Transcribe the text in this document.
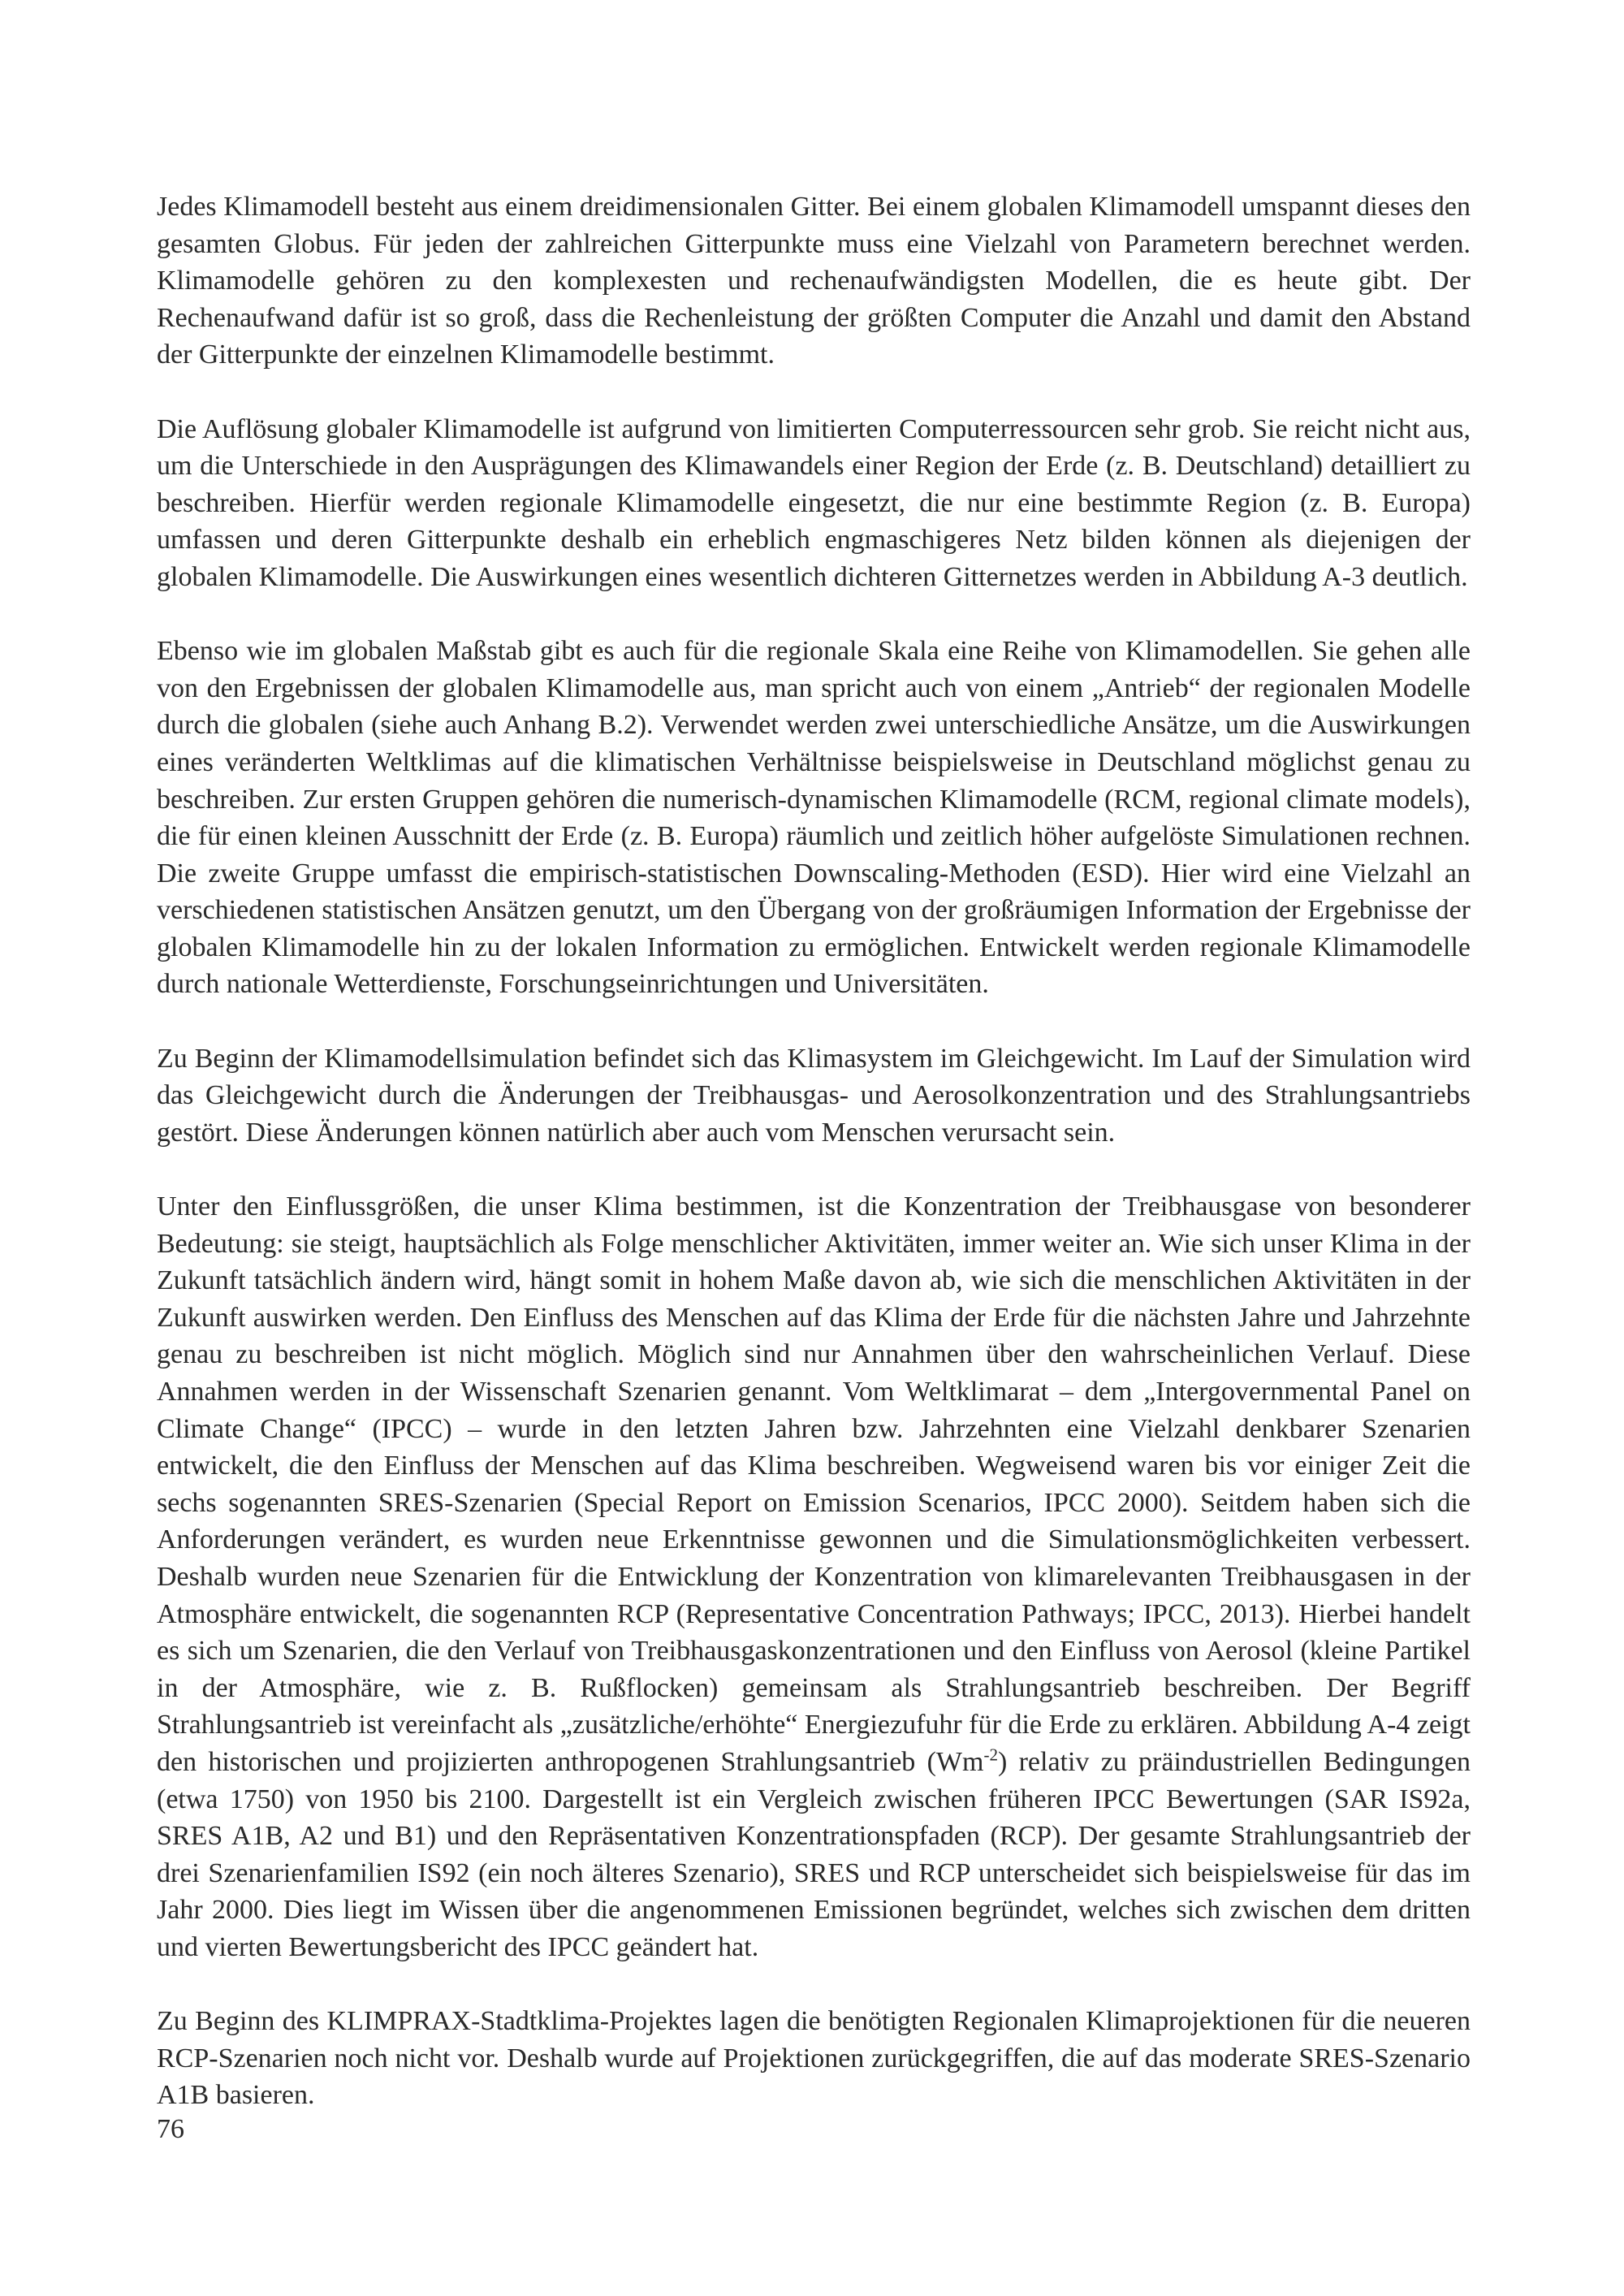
Jedes Klimamodell besteht aus einem dreidimensionalen Gitter. Bei einem globalen Klimamodell umspannt dieses den gesamten Globus. Für jeden der zahlreichen Gitterpunkte muss eine Vielzahl von Parametern berechnet werden. Klimamodelle gehören zu den komplexesten und rechenaufwändigsten Modellen, die es heute gibt. Der Rechenaufwand dafür ist so groß, dass die Rechenleistung der größten Computer die Anzahl und damit den Abstand der Gitterpunkte der einzelnen Klimamodelle bestimmt.

Die Auflösung globaler Klimamodelle ist aufgrund von limitierten Computerressourcen sehr grob. Sie reicht nicht aus, um die Unterschiede in den Ausprägungen des Klimawandels einer Region der Erde (z. B. Deutschland) detailliert zu beschreiben. Hierfür werden regionale Klimamodelle eingesetzt, die nur eine bestimmte Region (z. B. Europa) umfassen und deren Gitterpunkte deshalb ein erheblich engmaschigeres Netz bilden können als diejenigen der globalen Klimamodelle. Die Auswirkungen eines wesentlich dichteren Gitternetzes werden in Abbildung A-3 deutlich.

Ebenso wie im globalen Maßstab gibt es auch für die regionale Skala eine Reihe von Klimamodellen. Sie gehen alle von den Ergebnissen der globalen Klimamodelle aus, man spricht auch von einem „Antrieb“ der regionalen Modelle durch die globalen (siehe auch Anhang B.2). Verwendet werden zwei unterschiedliche Ansätze, um die Auswirkungen eines veränderten Weltklimas auf die klimatischen Verhältnisse beispielsweise in Deutschland möglichst genau zu beschreiben. Zur ersten Gruppen gehören die numerisch-dynamischen Klimamodelle (RCM, regional climate models), die für einen kleinen Ausschnitt der Erde (z. B. Europa) räumlich und zeitlich höher aufgelöste Simulationen rechnen. Die zweite Gruppe umfasst die empirisch-statistischen Downscaling-Methoden (ESD). Hier wird eine Vielzahl an verschiedenen statistischen Ansätzen genutzt, um den Übergang von der großräumigen Information der Ergebnisse der globalen Klimamodelle hin zu der lokalen Information zu ermöglichen. Entwickelt werden regionale Klimamodelle durch nationale Wetterdienste, Forschungseinrichtungen und Universitäten.

Zu Beginn der Klimamodellsimulation befindet sich das Klimasystem im Gleichgewicht. Im Lauf der Simulation wird das Gleichgewicht durch die Änderungen der Treibhausgas- und Aerosolkonzentration und des Strahlungsantriebs gestört. Diese Änderungen können natürlich aber auch vom Menschen verursacht sein.

Unter den Einflussgrößen, die unser Klima bestimmen, ist die Konzentration der Treibhausgase von besonderer Bedeutung: sie steigt, hauptsächlich als Folge menschlicher Aktivitäten, immer weiter an. Wie sich unser Klima in der Zukunft tatsächlich ändern wird, hängt somit in hohem Maße davon ab, wie sich die menschlichen Aktivitäten in der Zukunft auswirken werden. Den Einfluss des Menschen auf das Klima der Erde für die nächsten Jahre und Jahrzehnte genau zu beschreiben ist nicht möglich. Möglich sind nur Annahmen über den wahrscheinlichen Verlauf. Diese Annahmen werden in der Wissenschaft Szenarien genannt. Vom Weltklimarat – dem „Intergovernmental Panel on Climate Change“ (IPCC) – wurde in den letzten Jahren bzw. Jahrzehnten eine Vielzahl denkbarer Szenarien entwickelt, die den Einfluss der Menschen auf das Klima beschreiben. Wegweisend waren bis vor einiger Zeit die sechs sogenannten SRES-Szenarien (Special Report on Emission Scenarios, IPCC 2000). Seitdem haben sich die Anforderungen verändert, es wurden neue Erkenntnisse gewonnen und die Simulationsmöglichkeiten verbessert. Deshalb wurden neue Szenarien für die Entwicklung der Konzentration von klimarelevanten Treibhausgasen in der Atmosphäre entwickelt, die sogenannten RCP (Representative Concentration Pathways; IPCC, 2013). Hierbei handelt es sich um Szenarien, die den Verlauf von Treibhausgaskonzentrationen und den Einfluss von Aerosol (kleine Partikel in der Atmosphäre, wie z. B. Rußflocken) gemeinsam als Strahlungsantrieb beschreiben. Der Begriff Strahlungsantrieb ist vereinfacht als „zusätzliche/erhöhte“ Energiezufuhr für die Erde zu erklären. Abbildung A-4 zeigt den historischen und projizierten anthropogenen Strahlungsantrieb $(Wm^{-2})$ relativ zu präindustriellen Bedingungen (etwa 1750) von 1950 bis 2100. Dargestellt ist ein Vergleich zwischen früheren IPCC Bewertungen (SAR IS92a, SRES A1B, A2 und B1) und den Repräsentativen Konzentrationspfaden (RCP). Der gesamte Strahlungsantrieb der drei Szenarienfamilien IS92 (ein noch älteres Szenario), SRES und RCP unterscheidet sich beispielsweise für das im Jahr 2000. Dies liegt im Wissen über die angenommenen Emissionen begründet, welches sich zwischen dem dritten und vierten Bewertungsbericht des IPCC geändert hat.

Zu Beginn des KLIMPRAX-Stadtklima-Projektes lagen die benötigten Regionalen Klimaprojektionen für die neueren RCP-Szenarien noch nicht vor. Deshalb wurde auf Projektionen zurückgegriffen, die auf das moderate SRES-Szenario A1B basieren.

76
